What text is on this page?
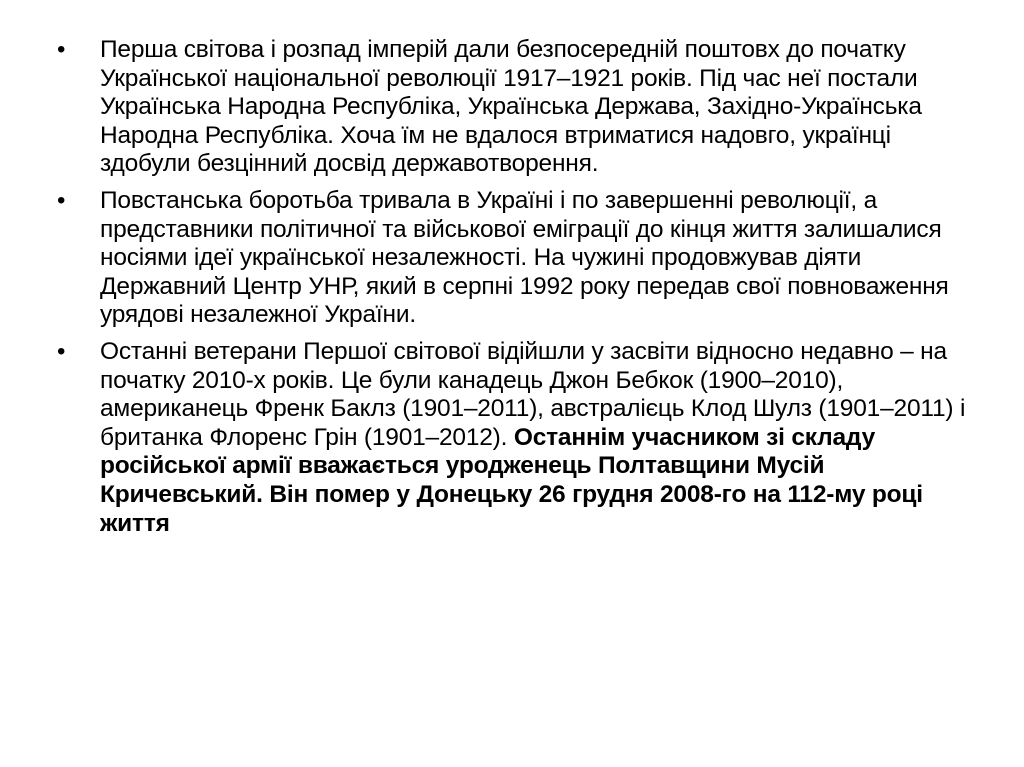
• Перша світова і розпад імперій дали безпосередній поштовх до початку Української національної революції 1917–1921 років. Під час неї постали Українська Народна Республіка, Українська Держава, Західно-Українська Народна Республіка. Хоча їм не вдалося втриматися надовго, українці здобули безцінний досвід державотворення.
• Повстанська боротьба тривала в Україні і по завершенні революції, а представники політичної та військової еміграції до кінця життя залишалися носіями ідеї української незалежності. На чужині продовжував діяти Державний Центр УНР, який в серпні 1992 року передав свої повноваження урядові незалежної України.
• Останні ветерани Першої світової відійшли у засвіти відносно недавно – на початку 2010-х років. Це були канадець Джон Бебкок (1900–2010), американець Френк Баклз (1901–2011), австралієць Клод Шулз (1901–2011) і британка Флоренс Грін (1901–2012). Останнім учасником зі складу російської армії вважається уродженець Полтавщини Мусій Кричевський. Він помер у Донецьку 26 грудня 2008-го на 112-му році життя
